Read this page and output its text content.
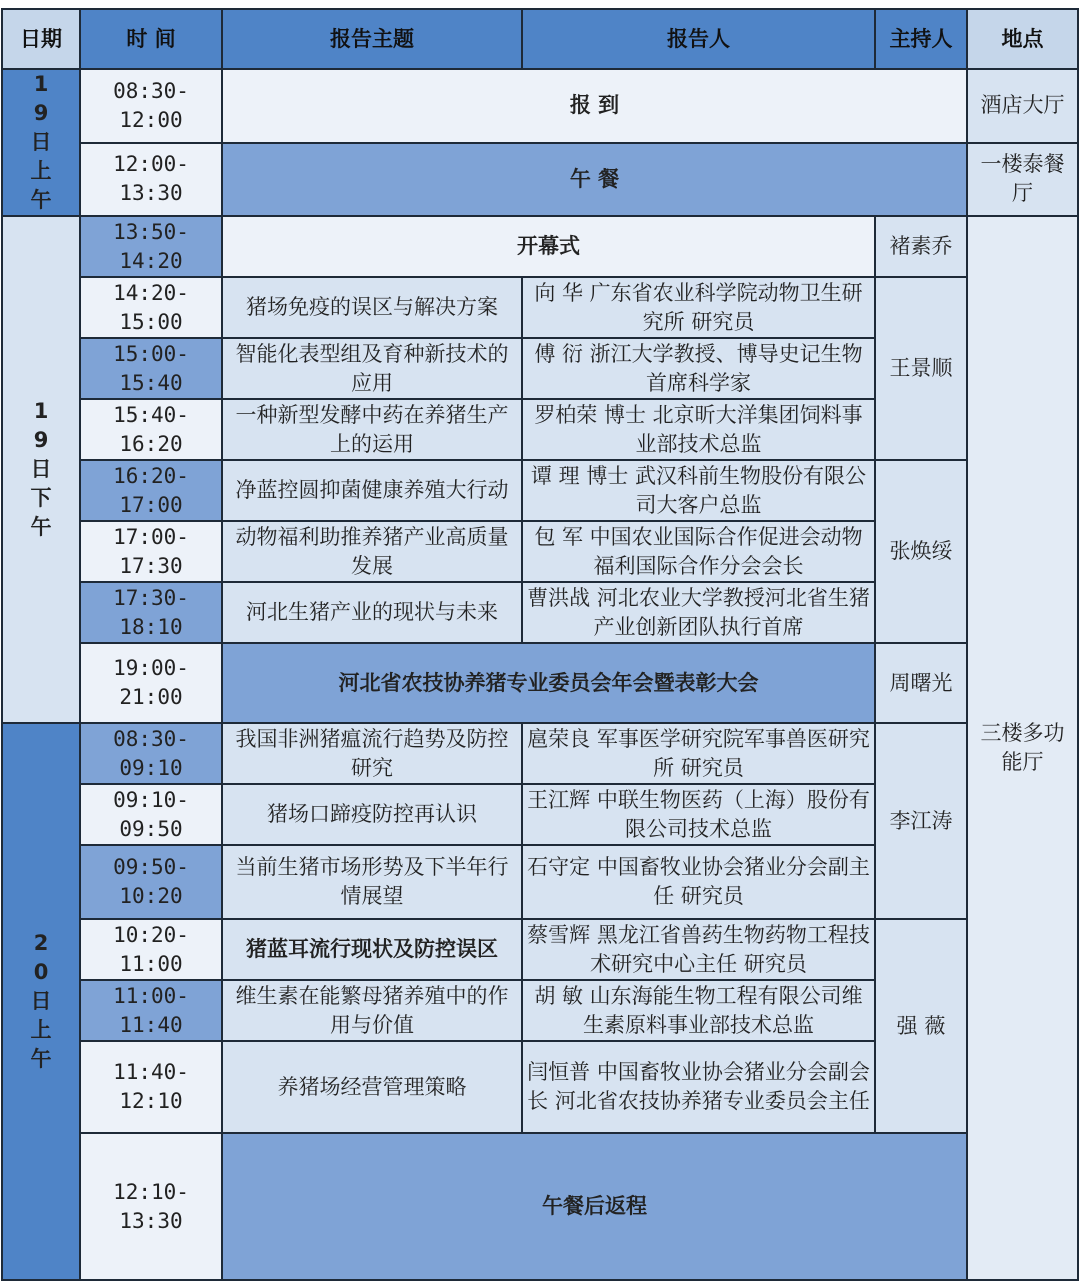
日期	时 间	报告主题	报告人	主持人	地点	
19日上午	08:30-12:00	报 到			酒店大厅	
	12:00-13:30	午 餐			一楼泰餐厅	
19日下午	13:50-14:20	开幕式		褚素乔	三楼多功能厅	
	14:20-15:00	猪场免疫的误区与解决方案	向 华 广东省农业科学院动物卫生研究所 研究员	王景顺		
	15:00-15:40	智能化表型组及育种新技术的应用	傅 衍 浙江大学教授、博导史记生物首席科学家			
	15:40-16:20	一种新型发酵中药在养猪生产上的运用	罗柏荣 博士 北京昕大洋集团饲料事业部技术总监			
	16:20-17:00	净蓝控圆抑菌健康养殖大行动	谭 理 博士 武汉科前生物股份有限公司大客户总监	张焕绥		
	17:00-17:30	动物福利助推养猪产业高质量发展	包 军 中国农业国际合作促进会动物福利国际合作分会会长			
	17:30-18:10	河北生猪产业的现状与未来	曹洪战 河北农业大学教授河北省生猪产业创新团队执行首席			
	19:00-21:00	河北省农技协养猪专业委员会年会暨表彰大会		周曙光		
20日上午	08:30-09:10	我国非洲猪瘟流行趋势及防控研究	扈荣良 军事医学研究院军事兽医研究所 研究员	李江涛		
	09:10-09:50	猪场口蹄疫防控再认识	王江辉 中联生物医药（上海）股份有限公司技术总监			
	09:50-10:20	当前生猪市场形势及下半年行情展望	石守定 中国畜牧业协会猪业分会副主任 研究员			
	10:20-11:00	猪蓝耳流行现状及防控误区	蔡雪辉 黑龙江省兽药生物药物工程技术研究中心主任 研究员	强 薇		
	11:00-11:40	维生素在能繁母猪养殖中的作用与价值	胡 敏 山东海能生物工程有限公司维生素原料事业部技术总监			
	11:40-12:10	养猪场经营管理策略	闫恒普 中国畜牧业协会猪业分会副会长 河北省农技协养猪专业委员会主任			
	12:10-13:30	午餐后返程	
